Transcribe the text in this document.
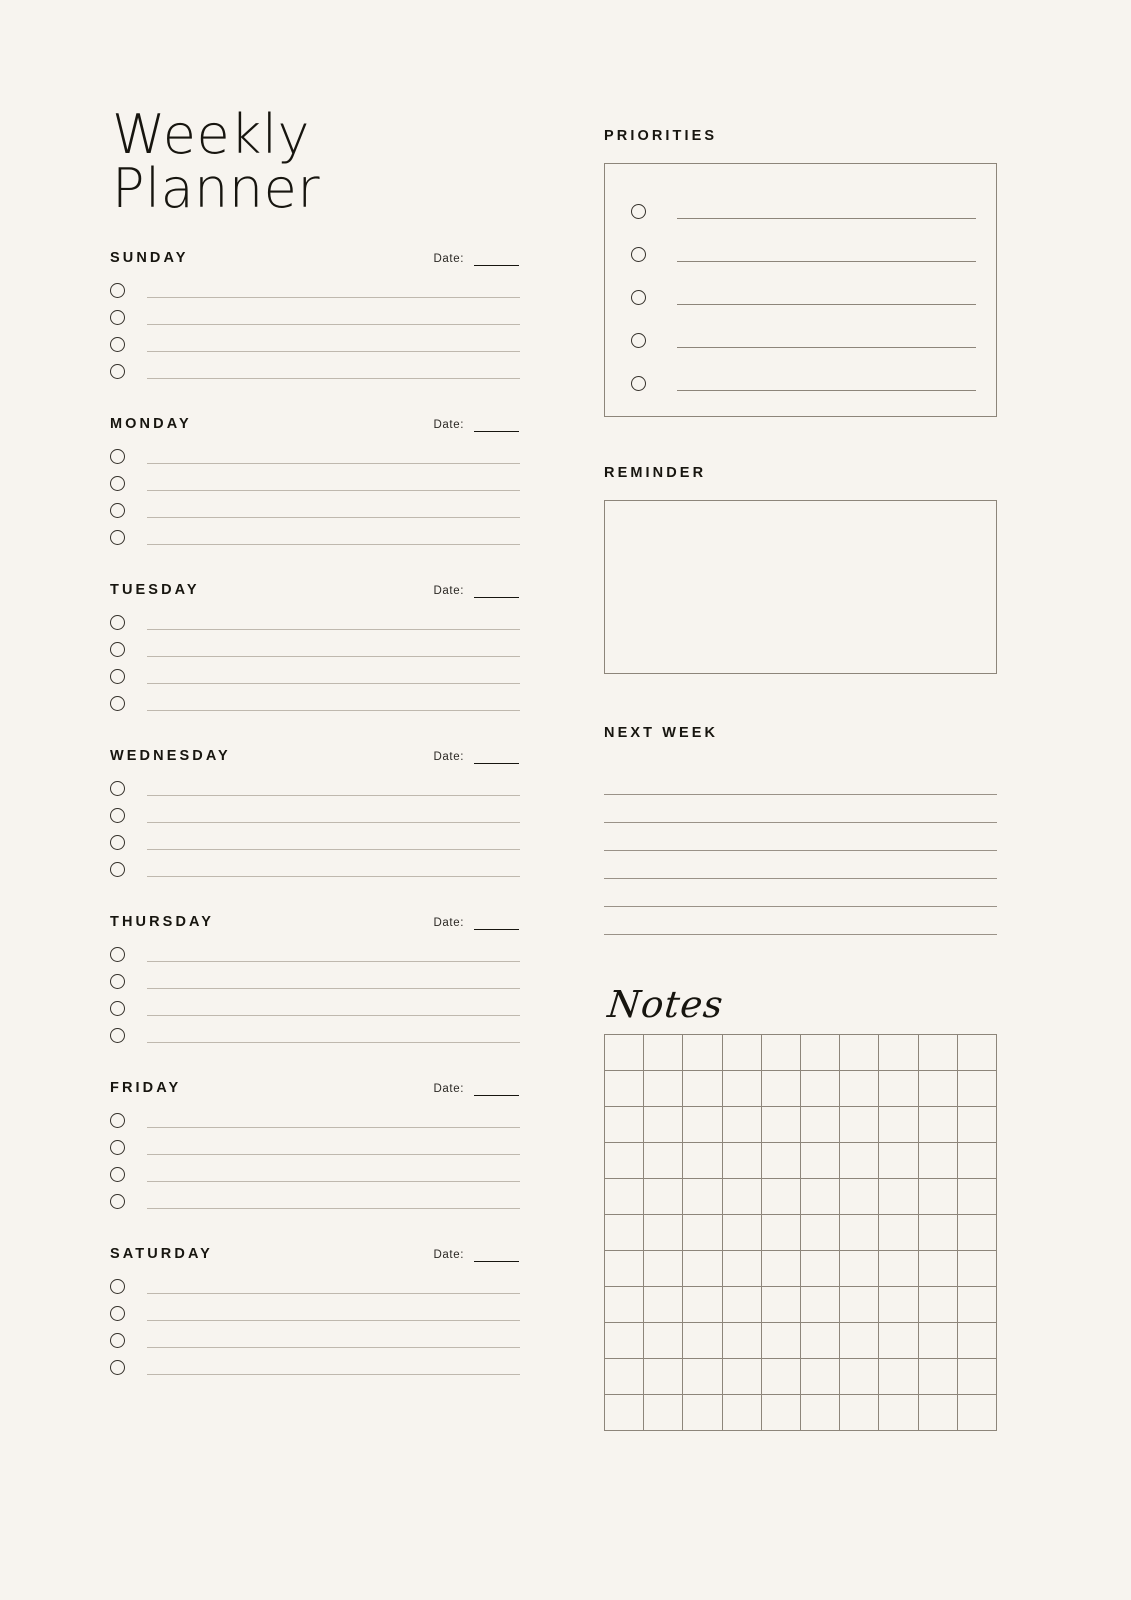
Weekly Planner
SUNDAY	Date:
MONDAY	Date:
TUESDAY	Date:
WEDNESDAY	Date:
THURSDAY	Date:
FRIDAY	Date:
SATURDAY	Date:
PRIORITIES
REMINDER
NEXT WEEK
Notes
